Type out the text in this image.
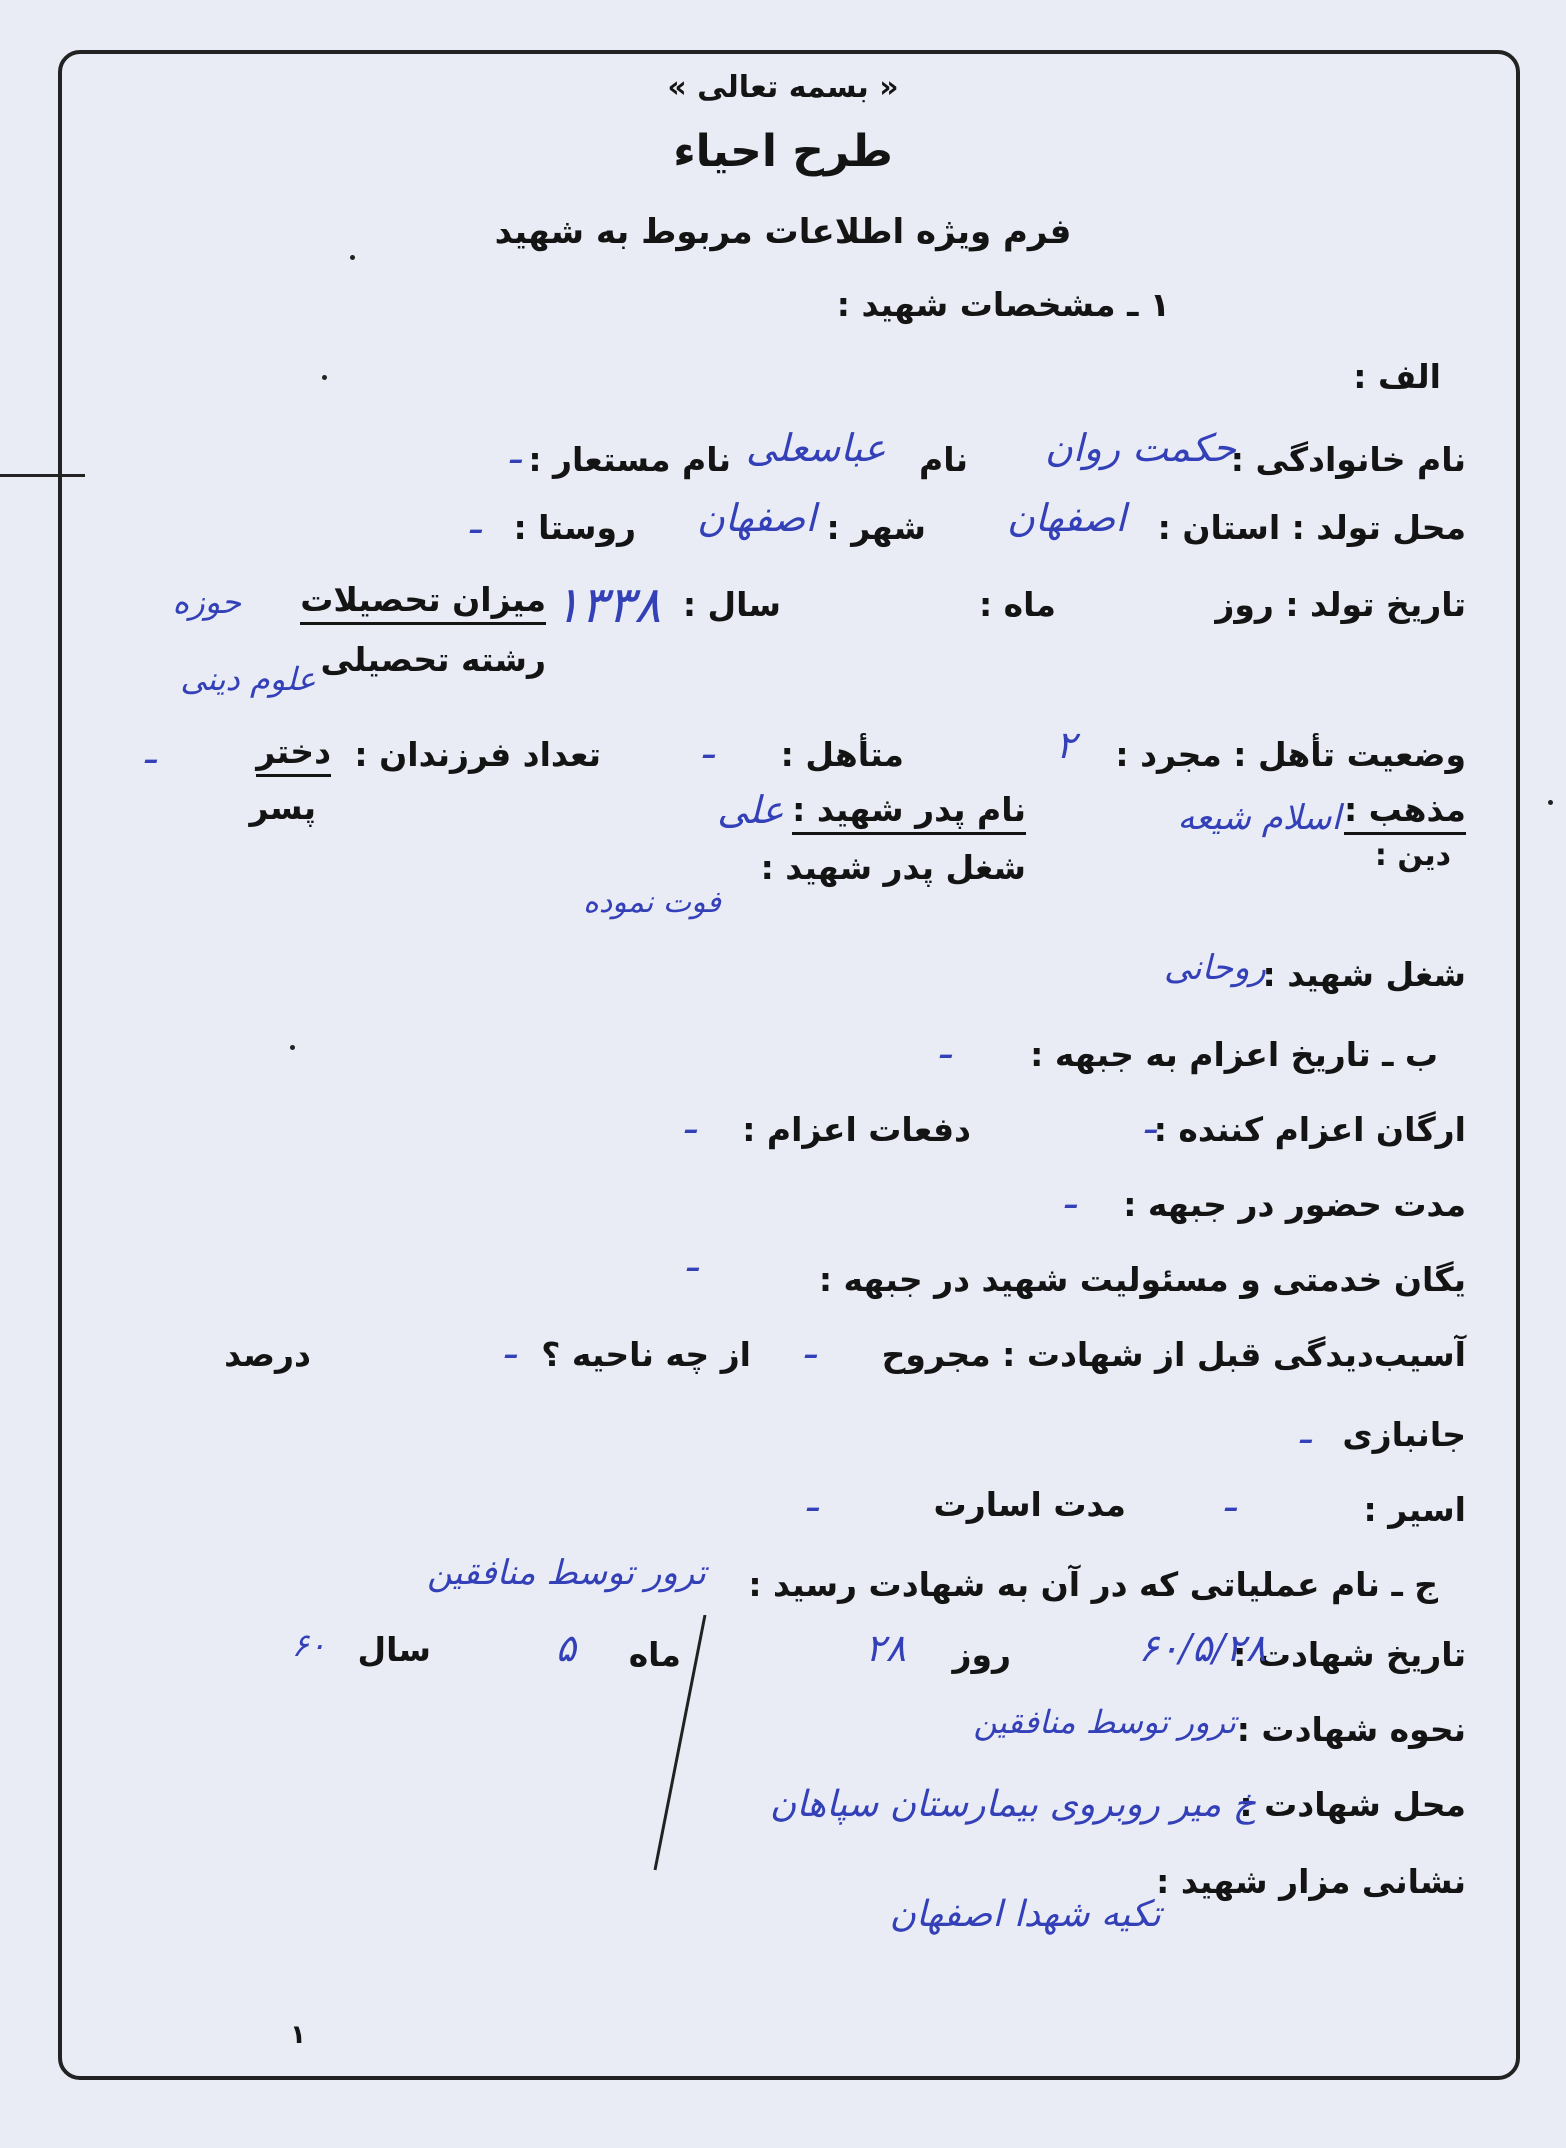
« بسمه تعالی »
طرح احیاء
فرم ویژه اطلاعات مربوط به شهید
۱ ـ مشخصات شهید :
الف :
نام خانوادگی :
حکمت روان
نام
عباسعلی
نام مستعار :
ـ
محل تولد : استان :
اصفهان
شهر :
اصفهان
روستا :
ـ
تاریخ تولد : روز
ماه :
سال :
۱۳۳۸
میزان تحصیلات
حوزه
رشته تحصیلی
علوم دینی
وضعیت تأهل : مجرد :
۲
متأهل :
ـ
تعداد فرزندان :
دختر
ـ
پسر	مذهب :
دین :
اسلام شیعه
نام پدر شهید :
علی
شغل پدر شهید :
فوت نموده
شغل شهید :
روحانی
ب ـ تاریخ اعزام به جبهه :
ـ
ارگان اعزام کننده :
ـ
دفعات اعزام :
ـ
مدت حضور در جبهه :
ـ
یگان خدمتی و مسئولیت شهید در جبهه :
ـ
آسیب‌دیدگی قبل از شهادت : مجروح
ـ
از چه ناحیه ؟
ـ
درصد
جانبازی
ـ
اسیر :
ـ
مدت اسارت
ـ
ج ـ نام عملیاتی که در آن به شهادت رسید :
ترور توسط منافقین
تاریخ شهادت :
۶۰/۵/۲۸
روز
۲۸
ماه
۵
سال
۶۰
نحوه شهادت :
ترور توسط منافقین
محل شهادت :
خ میر روبروی بیمارستان سپاهان
نشانی مزار شهید :
تکیه شهدا اصفهان
۱
